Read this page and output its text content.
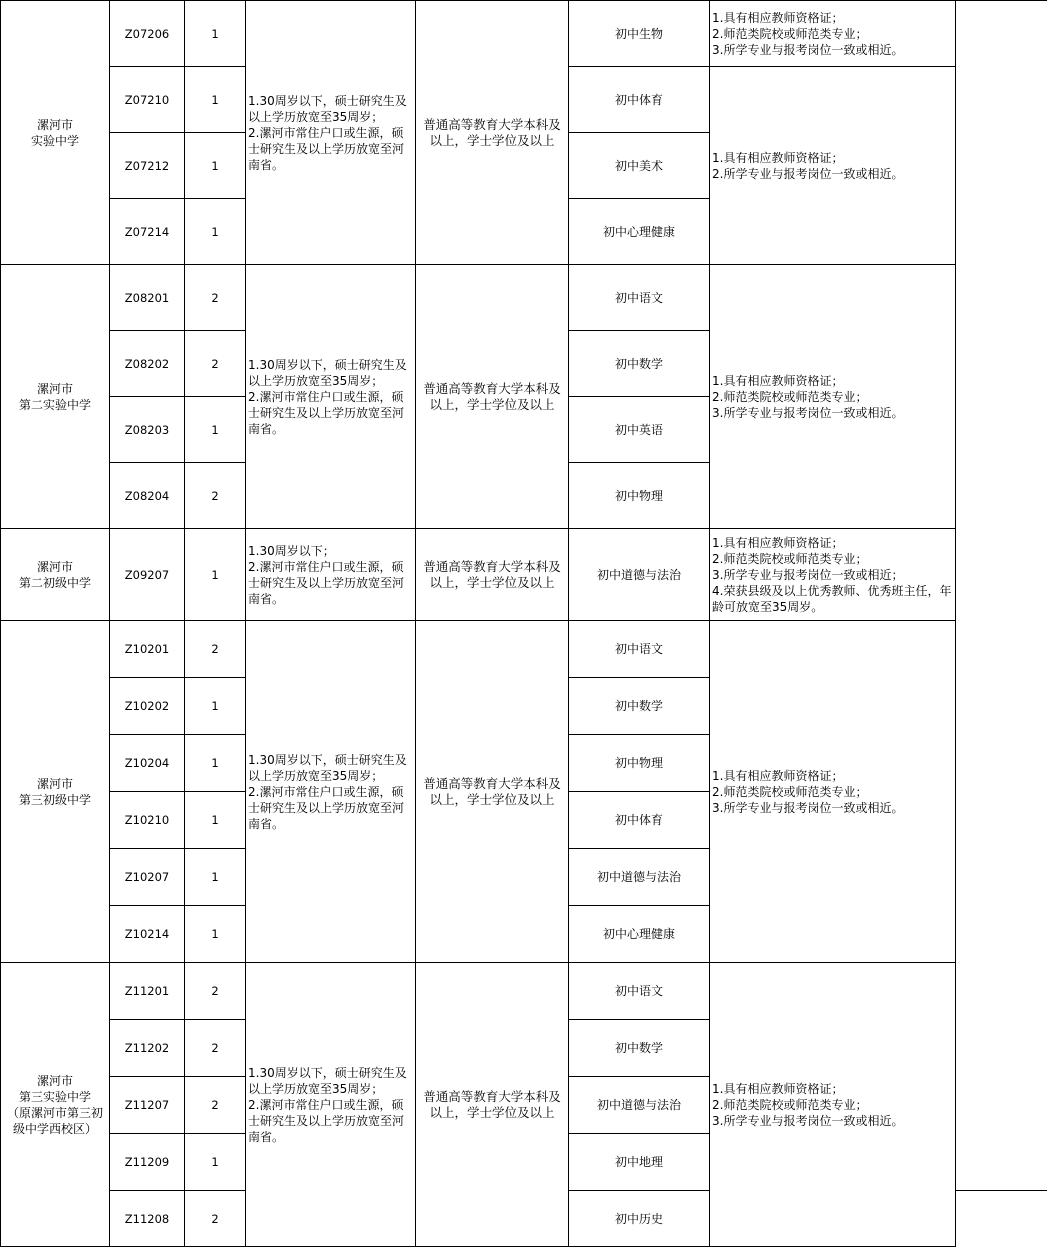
漯河市
实验中学	Z07206	1	1.30周岁以下，硕士研究生及以上学历放宽至35周岁；
2.漯河市常住户口或生源，硕士研究生及以上学历放宽至河南省。	普通高等教育大学本科及以上，学士学位及以上	初中生物	1.具有相应教师资格证；
2.师范类院校或师范类专业；
3.所学专业与报考岗位一致或相近。	
	Z07210	1			初中体育	1.具有相应教师资格证；
2.所学专业与报考岗位一致或相近。	
	Z07212	1			初中美术		
	Z07214	1			初中心理健康		
漯河市
第二实验中学	Z08201	2	1.30周岁以下，硕士研究生及以上学历放宽至35周岁；
2.漯河市常住户口或生源，硕士研究生及以上学历放宽至河南省。	普通高等教育大学本科及以上，学士学位及以上	初中语文	1.具有相应教师资格证；
2.师范类院校或师范类专业；
3.所学专业与报考岗位一致或相近。	
	Z08202	2			初中数学		
	Z08203	1			初中英语		
	Z08204	2			初中物理		
漯河市
第二初级中学	Z09207	1	1.30周岁以下；
2.漯河市常住户口或生源，硕士研究生及以上学历放宽至河南省。	普通高等教育大学本科及以上，学士学位及以上	初中道德与法治	1.具有相应教师资格证；
2.师范类院校或师范类专业；
3.所学专业与报考岗位一致或相近；
4.荣获县级及以上优秀教师、优秀班主任，年龄可放宽至35周岁。	
漯河市
第三初级中学	Z10201	2	1.30周岁以下，硕士研究生及以上学历放宽至35周岁；
2.漯河市常住户口或生源，硕士研究生及以上学历放宽至河南省。	普通高等教育大学本科及以上，学士学位及以上	初中语文	1.具有相应教师资格证；
2.师范类院校或师范类专业；
3.所学专业与报考岗位一致或相近。	
	Z10202	1			初中数学		
	Z10204	1			初中物理		
	Z10210	1			初中体育		
	Z10207	1			初中道德与法治		
	Z10214	1			初中心理健康		
漯河市
第三实验中学
（原漯河市第三初级中学西校区）	Z11201	2	1.30周岁以下，硕士研究生及以上学历放宽至35周岁；
2.漯河市常住户口或生源，硕士研究生及以上学历放宽至河南省。	普通高等教育大学本科及以上，学士学位及以上	初中语文	1.具有相应教师资格证；
2.师范类院校或师范类专业；
3.所学专业与报考岗位一致或相近。	
	Z11202	2			初中数学		
	Z11207	2			初中道德与法治		
	Z11209	1			初中地理		
	Z11208	2			初中历史		
